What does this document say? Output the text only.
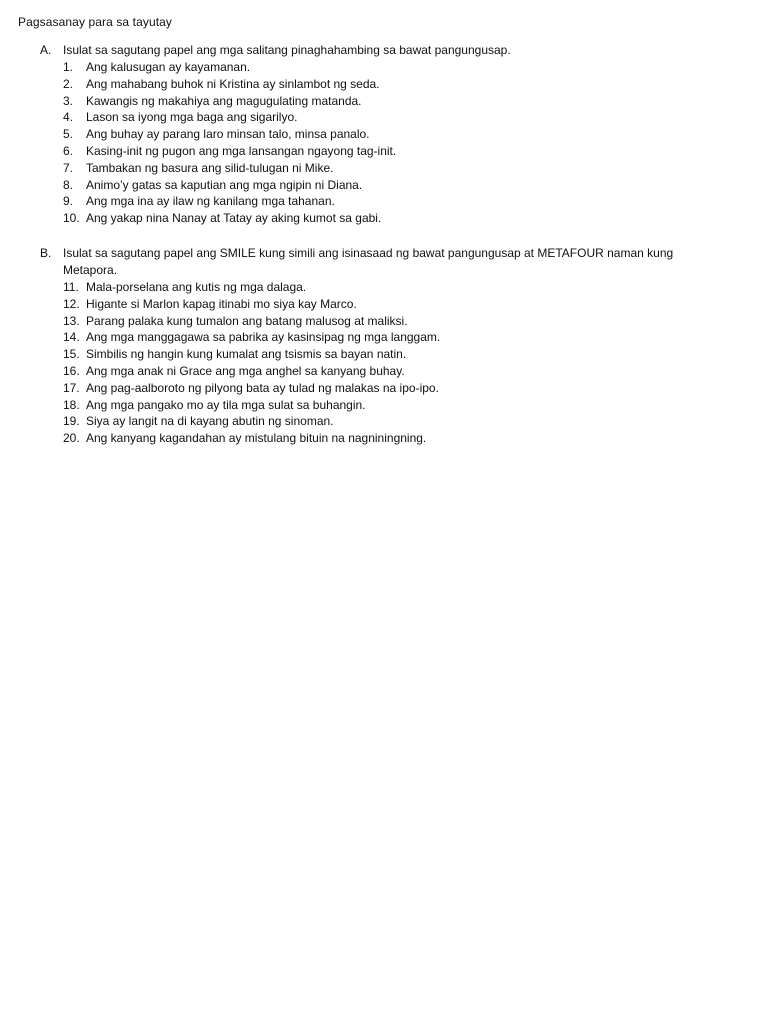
Pagsasanay para sa tayutay
A. Isulat sa sagutang papel ang mga salitang pinaghahambing sa bawat pangungusap.
1. Ang kalusugan ay kayamanan.
2. Ang mahabang buhok ni Kristina ay sinlambot ng seda.
3. Kawangis ng makahiya ang magugulating matanda.
4. Lason sa iyong mga baga ang sigarilyo.
5. Ang buhay ay parang laro minsan talo, minsa panalo.
6. Kasing-init ng pugon ang mga lansangan ngayong tag-init.
7. Tambakan ng basura ang silid-tulugan ni Mike.
8. Animo’y gatas sa kaputian ang mga ngipin ni Diana.
9. Ang mga ina ay ilaw ng kanilang mga tahanan.
10. Ang yakap nina Nanay at Tatay ay aking kumot sa gabi.
B. Isulat sa sagutang papel ang SMILE kung simili ang isinasaad ng bawat pangungusap at METAFOUR naman kung Metapora.
11. Mala-porselana ang kutis ng mga dalaga.
12. Higante si Marlon kapag itinabi mo siya kay Marco.
13. Parang palaka kung tumalon ang batang malusog at maliksi.
14. Ang mga manggagawa sa pabrika ay kasinsipag ng mga langgam.
15. Simbilis ng hangin kung kumalat ang tsismis sa bayan natin.
16. Ang mga anak ni Grace ang mga anghel sa kanyang buhay.
17. Ang pag-aalboroto ng pilyong bata ay tulad ng malakas na ipo-ipo.
18. Ang mga pangako mo ay tila mga sulat sa buhangin.
19. Siya ay langit na di kayang abutin ng sinoman.
20. Ang kanyang kagandahan ay mistulang bituin na nagniningning.
